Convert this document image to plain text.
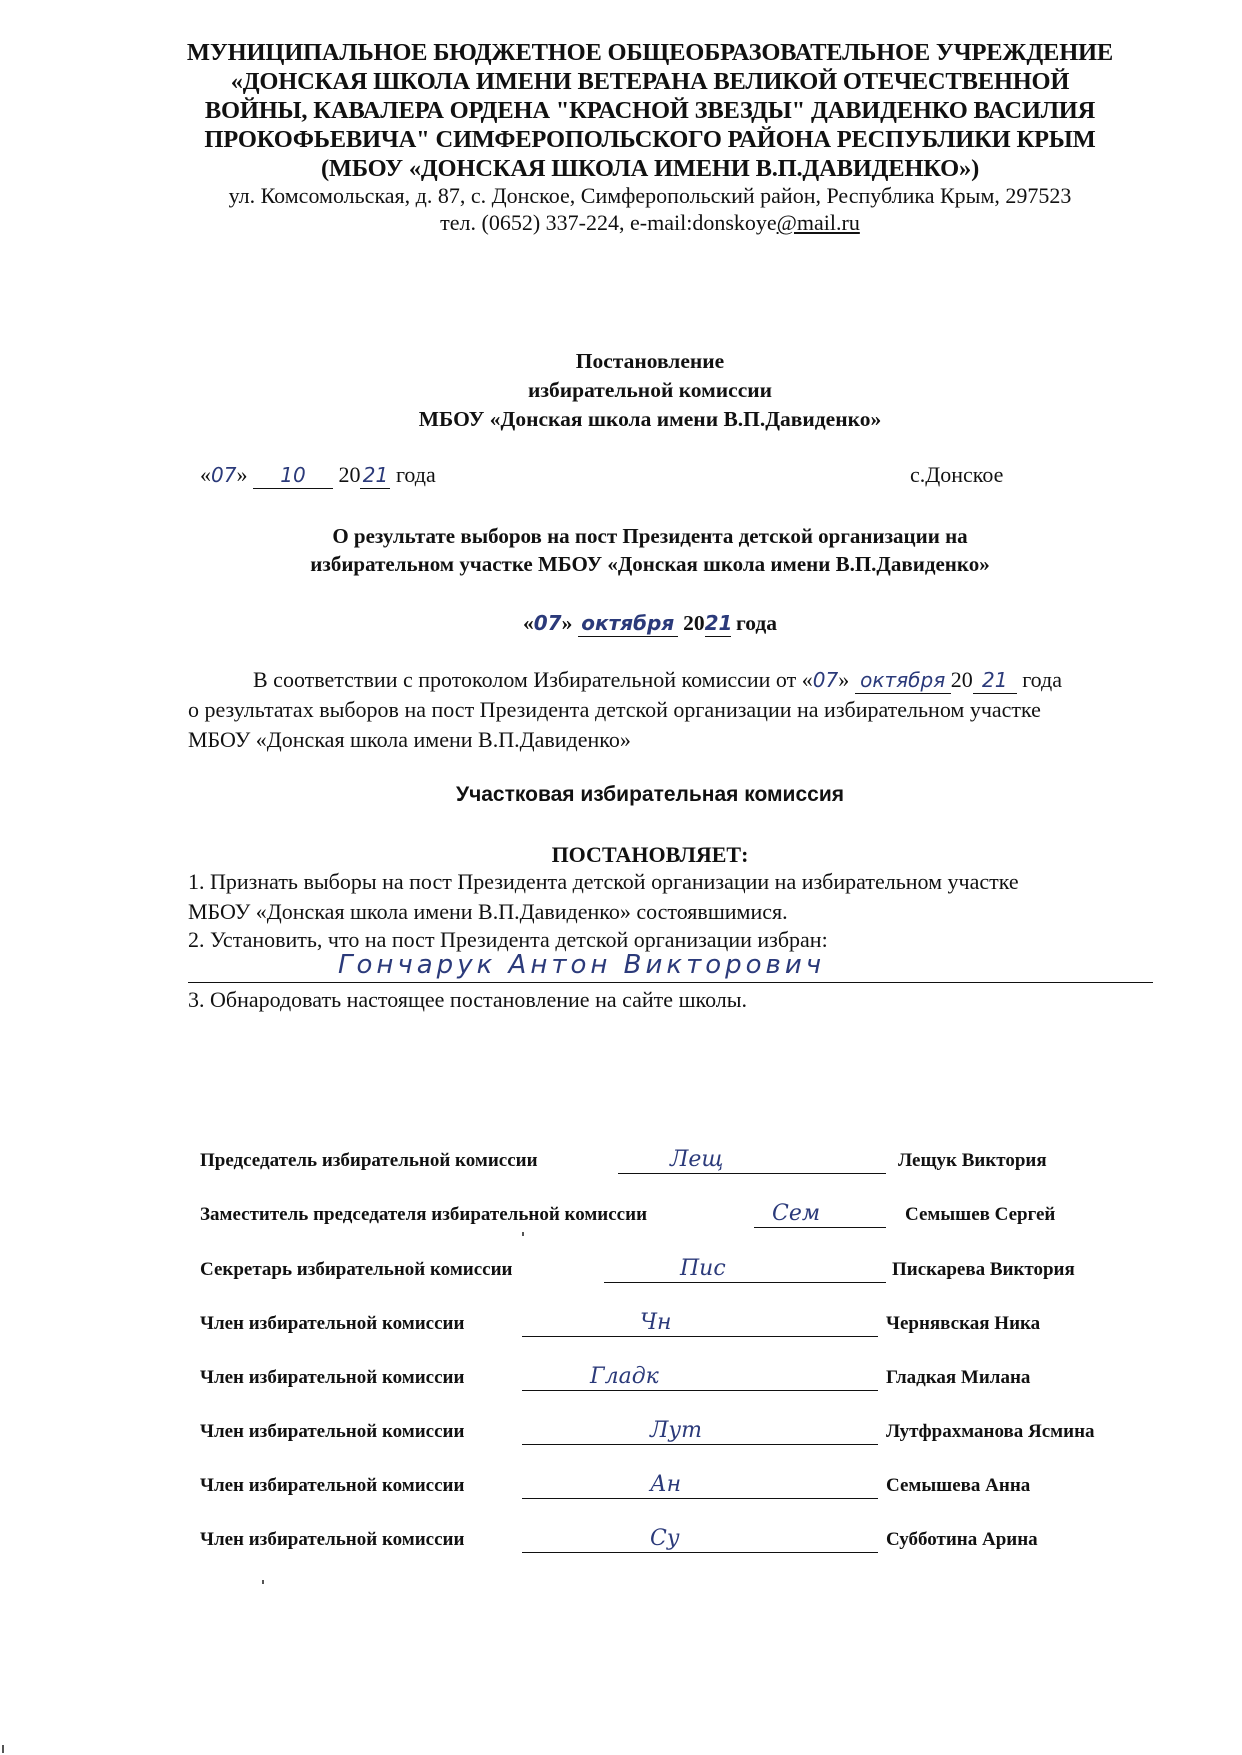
МУНИЦИПАЛЬНОЕ БЮДЖЕТНОЕ ОБЩЕОБРАЗОВАТЕЛЬНОЕ УЧРЕЖДЕНИЕ
«ДОНСКАЯ ШКОЛА ИМЕНИ ВЕТЕРАНА ВЕЛИКОЙ ОТЕЧЕСТВЕННОЙ
ВОЙНЫ, КАВАЛЕРА ОРДЕНА "КРАСНОЙ ЗВЕЗДЫ" ДАВИДЕНКО ВАСИЛИЯ
ПРОКОФЬЕВИЧА" СИМФЕРОПОЛЬСКОГО РАЙОНА РЕСПУБЛИКИ КРЫМ
(МБОУ «ДОНСКАЯ ШКОЛА ИМЕНИ В.П.ДАВИДЕНКО»)
ул. Комсомольская, д. 87, с. Донское, Симферопольский район, Республика Крым, 297523
тел. (0652) 337-224, e-mail:donskoye@mail.ru
Постановление
избирательной комиссии
МБОУ «Донская школа имени В.П.Давиденко»
«07» 10 20 21 года	с.Донское
О результате выборов на пост Президента детской организации на
избирательном участке МБОУ «Донская школа имени В.П.Давиденко»
«07» октября 2021 года
В соответствии с протоколом Избирательной комиссии от «07» октября 20 21 года
о результатах выборов на пост Президента детской организации на избирательном участке
МБОУ «Донская школа имени В.П.Давиденко»
Участковая избирательная комиссия
ПОСТАНОВЛЯЕТ:
1. Признать выборы на пост Президента детской организации на избирательном участке
МБОУ «Донская школа имени В.П.Давиденко» состоявшимися.
2. Установить, что на пост Президента детской организации избран:
Гончарук Антон Викторович
3. Обнародовать настоящее постановление на сайте школы.
Председатель избирательной комиссии	Лещ	Лещук Виктория
Заместитель председателя избирательной комиссии	Сем	Семышев Сергей
Секретарь избирательной комиссии	Пис	Пискарева Виктория
Член избирательной комиссии	Чн	Чернявская Ника
Член избирательной комиссии	Гладк	Гладкая Милана
Член избирательной комиссии	Лут	Лутфрахманова Ясмина
Член избирательной комиссии	Ан	Семышева Анна
Член избирательной комиссии	Су	Субботина Арина
